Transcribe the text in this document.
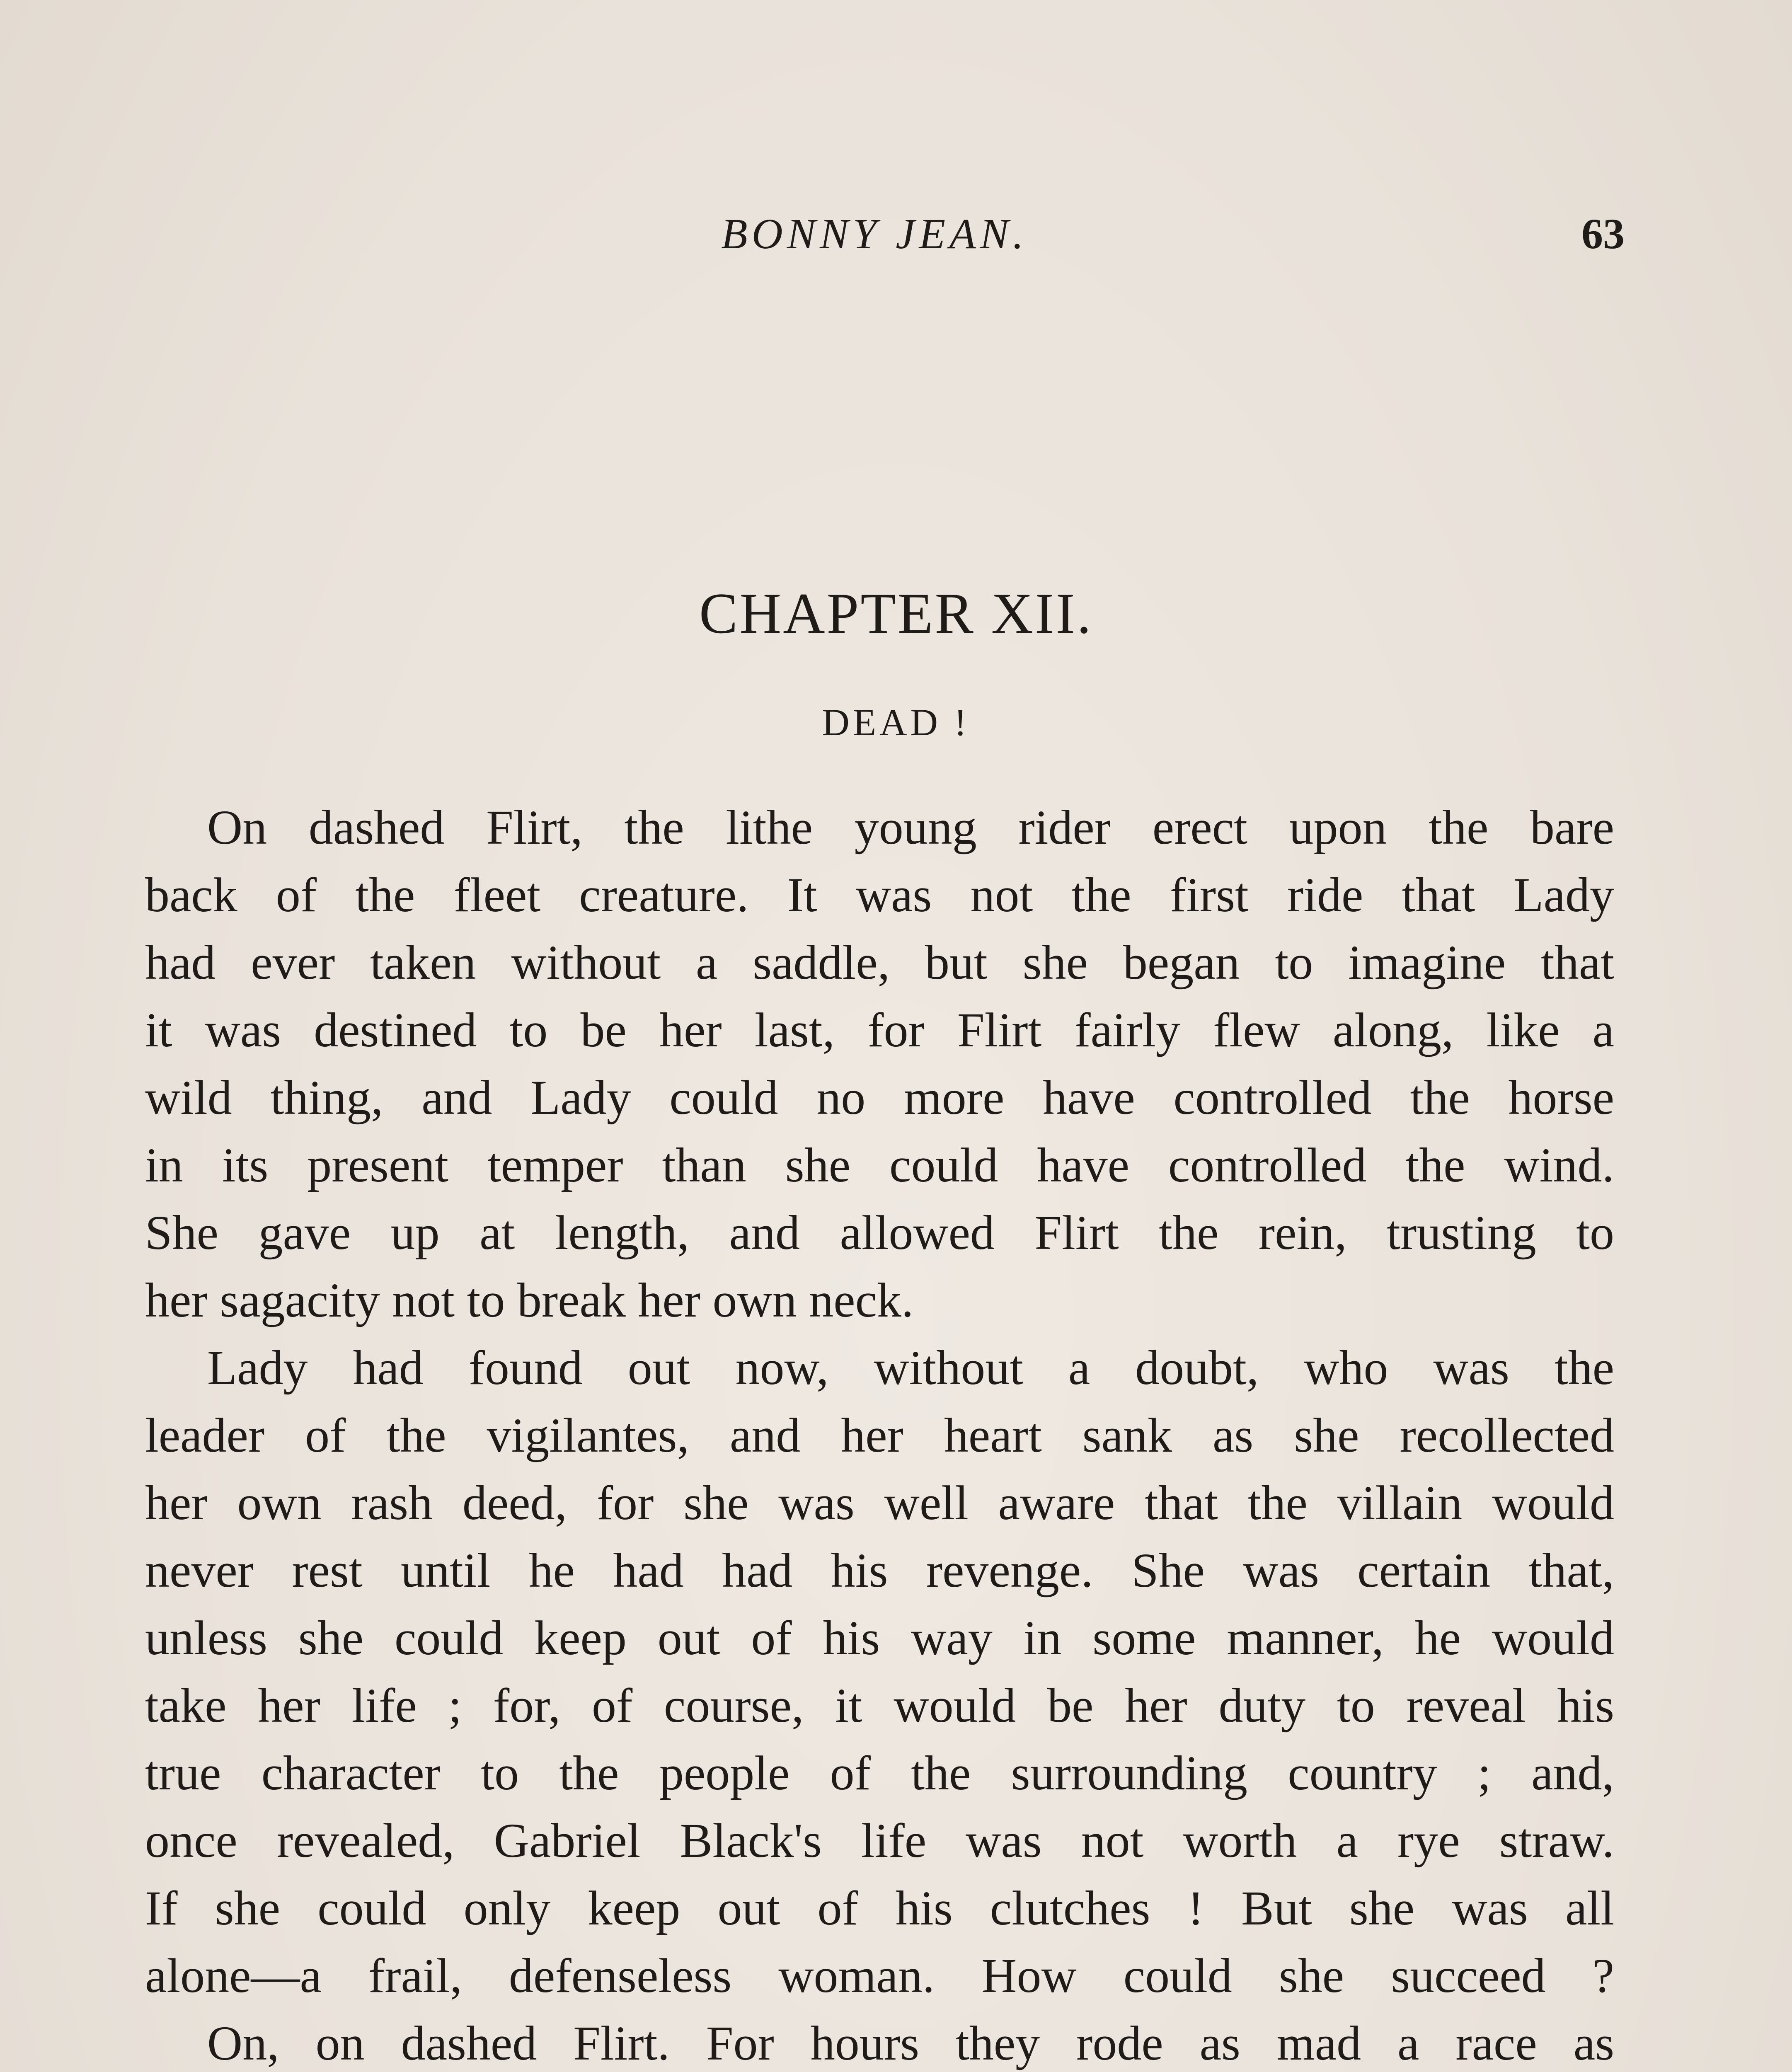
BONNY JEAN.	63
CHAPTER XII.
DEAD !
On dashed Flirt, the lithe young rider erect upon the bare
back of the fleet creature. It was not the first ride that Lady
had ever taken without a saddle, but she began to imagine that
it was destined to be her last, for Flirt fairly flew along, like a
wild thing, and Lady could no more have controlled the horse
in its present temper than she could have controlled the wind.
She gave up at length, and allowed Flirt the rein, trusting to
her sagacity not to break her own neck.
Lady had found out now, without a doubt, who was the
leader of the vigilantes, and her heart sank as she recollected
her own rash deed, for she was well aware that the villain would
never rest until he had had his revenge. She was certain that,
unless she could keep out of his way in some manner, he would
take her life ; for, of course, it would be her duty to reveal his
true character to the people of the surrounding country ; and,
once revealed, Gabriel Black's life was not worth a rye straw.
If she could only keep out of his clutches ! But she was all
alone—a frail, defenseless woman. How could she succeed ?
On, on dashed Flirt. For hours they rode as mad a race as
